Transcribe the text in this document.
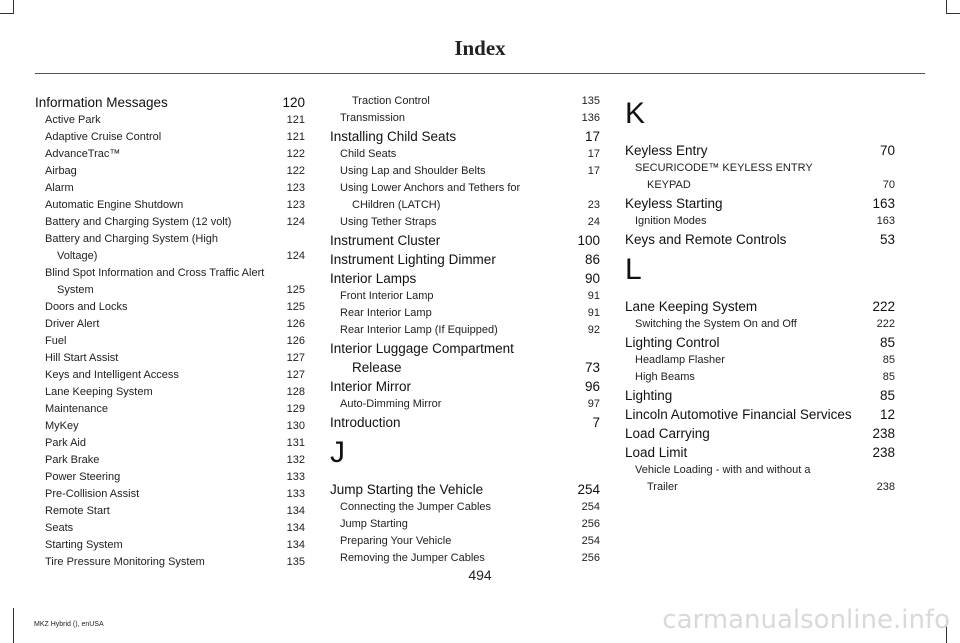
Index
Information Messages	120
Active Park	121
Adaptive Cruise Control	121
AdvanceTrac™	122
Airbag	122
Alarm	123
Automatic Engine Shutdown	123
Battery and Charging System (12 volt)	124
Battery and Charging System (High
Voltage)	124
Blind Spot Information and Cross Traffic Alert
System	125
Doors and Locks	125
Driver Alert	126
Fuel	126
Hill Start Assist	127
Keys and Intelligent Access	127
Lane Keeping System	128
Maintenance	129
MyKey	130
Park Aid	131
Park Brake	132
Power Steering	133
Pre-Collision Assist	133
Remote Start	134
Seats	134
Starting System	134
Tire Pressure Monitoring System	135
Traction Control	135
Transmission	136
Installing Child Seats	17
Child Seats	17
Using Lap and Shoulder Belts	17
Using Lower Anchors and Tethers for
CHildren (LATCH)	23
Using Tether Straps	24
Instrument Cluster	100
Instrument Lighting Dimmer	86
Interior Lamps	90
Front Interior Lamp	91
Rear Interior Lamp	91
Rear Interior Lamp (If Equipped)	92
Interior Luggage Compartment
Release	73
Interior Mirror	96
Auto-Dimming Mirror	97
Introduction	7
J
Jump Starting the Vehicle	254
Connecting the Jumper Cables	254
Jump Starting	256
Preparing Your Vehicle	254
Removing the Jumper Cables	256
K
Keyless Entry	70
SECURICODE™ KEYLESS ENTRY
KEYPAD	70
Keyless Starting	163
Ignition Modes	163
Keys and Remote Controls	53
L
Lane Keeping System	222
Switching the System On and Off	222
Lighting Control	85
Headlamp Flasher	85
High Beams	85
Lighting	85
Lincoln Automotive Financial Services 12
Load Carrying	238
Load Limit	238
Vehicle Loading - with and without a
Trailer	238
494
MKZ Hybrid (), enUSA	carmanualsonline.info
